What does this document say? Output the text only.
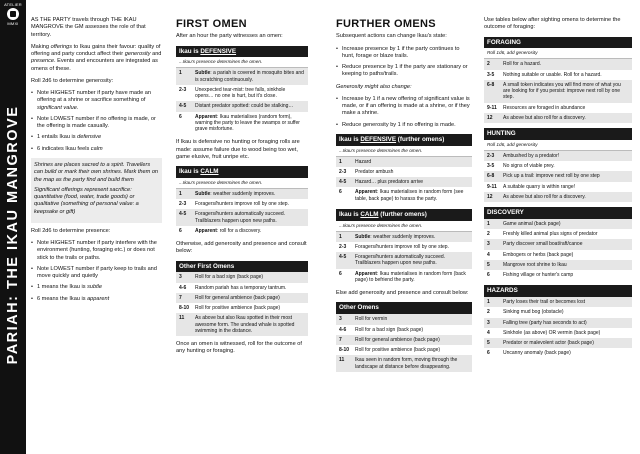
ATELIER
MMXI
PARIAH: THE IKAU MANGROVE

AS THE PARTY travels through THE IKAU MANGROVE the GM assesses the role of that territory.

Making offerings to Ikau gains their favour: quality of offering and party conduct affect their generosity and presence. Events and encounters are integrated as omens of these.

Roll 2d6 to determine generosity:

• Note HIGHEST number if party have made an offering at a shrine or sacrifice something of significant value.
• Note LOWEST number if no offering is made, or the offering is made casually.
• 1 entails Ikau is defensive
• 6 indicates Ikau feels calm

Shrines are places sacred to a spirit. Travellers can build or mark their own shrines. Mark them on the map as the party find and build them

Significant offerings represent sacrifice: quantitative (food, water, trade goods) or qualitative (something of personal value: a keepsake or gift)

Roll 2d6 to determine presence:

• Note HIGHEST number if party interfere with the environment (hunting, foraging etc.) or does not stick to the trails or paths.
• Note LOWEST number if party keep to trails and move quickly and quietly
• 1 means the Ikau is subtle
• 6 means the Ikau is apparent
FIRST OMEN

After an hour the party witnesses an omen:

Ikau is DEFENSIVE
...Ikau's presence determines the omen.
1	Subtle: a pariah is covered in mosquito bites and is scratching continuously.
2-3	Unexpected tear-mist: tree falls, sinkhole opens… no one is hurt, but it's close.
4-5	Distant predator spotted: could be stalking…
6	Apparent: Ikau materialises (random form), warning the party to leave the swamps or suffer grave misfortune.

If Ikau is defensive no hunting or foraging rolls are made: assume failure due to wood being too wet, game elusive, fruit unripe etc.

Ikau is CALM
...Ikau's presence determines the omen.
1	Subtle: weather suddenly improves.
2-3	Foragers/hunters improve roll by one step.
4-5	Foragers/hunters automatically succeed. Trailblazers happen upon new paths.
6	Apparent: roll for a discovery.

Otherwise, add generosity and presence and consult below:

Other First Omens
3	Roll for a bad sign (back page)
4-6	Random pariah has a temporary tantrum.
7	Roll for general ambience (back page)
8-10	Roll for positive ambience (back page)
11	As above but also Ikau spotted in their most awesome form. The undead whale is spotted swimming in the distance.

Once an omen is witnessed, roll for the outcome of any hunting or foraging.

FURTHER OMENS

Subsequent actions can change Ikau's state:

• Increase presence by 1 if the party continues to hunt, forage or blaze trails.
• Reduce presence by 1 if the party are stationary or keeping to paths/trails.

Generosity might also change:

• Increase by 1 if a new offering of significant value is made, or if an offering is made at a shrine, or if they make a shrine.
• Reduce generosity by 1 if no offering is made.
Ikau is DEFENSIVE (further omens)
...Ikau's presence determines the omen.
1	Hazard
2-3	Predator ambush
4-5	Hazard… plus predators arrive
6	Apparent: Ikau materialises in random form (see table, back page) to harass the party.
Ikau is CALM (further omens)
...Ikau's presence determines the omen.
1	Subtle: weather suddenly improves.
2-3	Foragers/hunters improve roll by one step.
4-5	Foragers/hunters automatically succeed. Trailblazers happen upon new paths.
6	Apparent: Ikau materialises in random form (back page) to befriend the party.

Else add generosity and presence and consult below:

Other Omens
3	Roll for vermin
4-6	Roll for a bad sign (back page)
7	Roll for general ambience (back page)
8-10	Roll for positive ambience (back page)
11	Ikau seen in random form, moving through the landscape at distance before disappearing.

Use tables below after sighting omens to determine the outcome of foraging:

FORAGING
Roll 1d6, add generosity
2	Roll for a hazard.
3-5	Nothing suitable or usable. Roll for a hazard.
6-8	A small token indicates you will find more of what you are looking for if you persist: improve next roll by one step.
9-11	Resources are foraged in abundance
12	As above but also roll for a discovery.
HUNTING
Roll 1d6, add generosity
2-3	Ambushed by a predator!
3-5	No signs of viable prey.
6-8	Pick up a trail: improve next roll by one step
9-11	A suitable quarry is within range!
12	As above but also roll for a discovery.
DISCOVERY
1	Game animal (back page)
2	Freshly killed animal plus signs of predator
3	Party discover small boat/raft/canoe
4	Embogers or herbs (back page)
5	Mangrove root shrine to Ikau
6	Fishing village or hunter's camp
HAZARDS
1	Party loses their trail or becomes lost
2	Sinking mud bog (obstacle)
3	Falling tree (party has seconds to act)
4	Sinkhole (as above) OR vermin (back page)
5	Predator or malevolent actor (back page)
6	Uncanny anomaly (back page)
